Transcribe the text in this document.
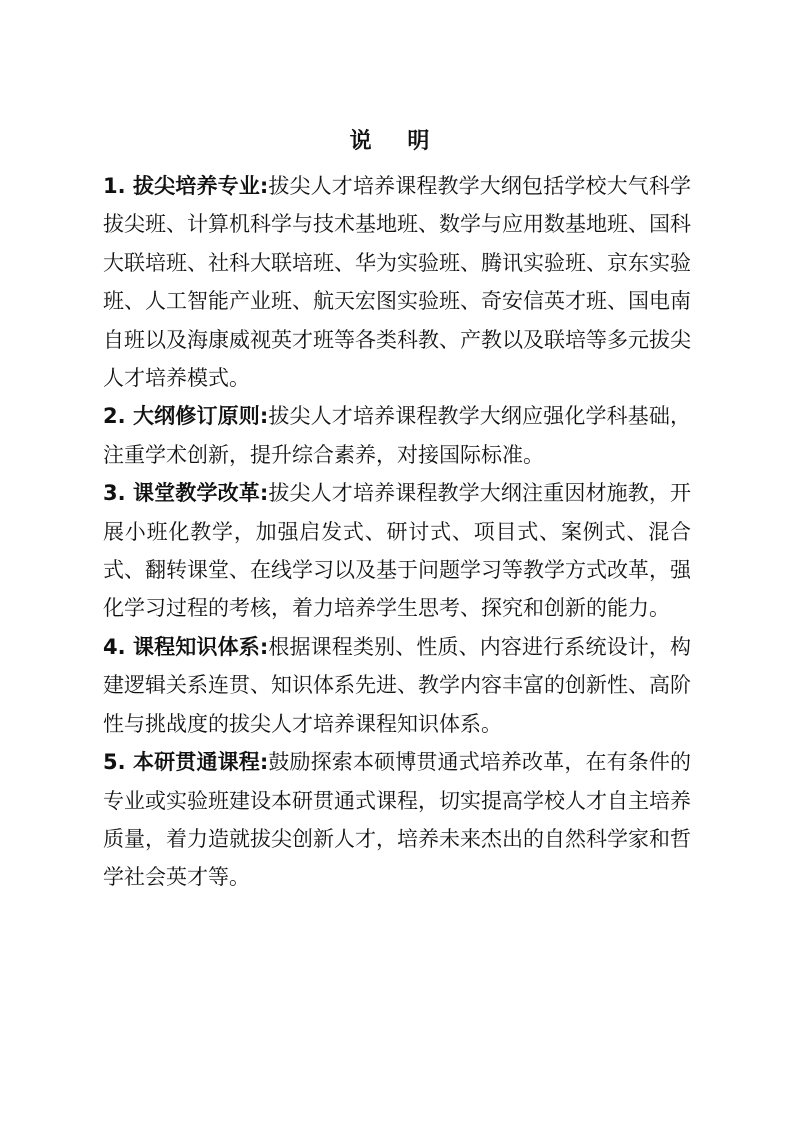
说 明

1. 拔尖培养专业:拔尖人才培养课程教学大纲包括学校大气科学拔尖班、计算机科学与技术基地班、数学与应用数基地班、国科大联培班、社科大联培班、华为实验班、腾讯实验班、京东实验班、人工智能产业班、航天宏图实验班、奇安信英才班、国电南自班以及海康威视英才班等各类科教、产教以及联培等多元拔尖人才培养模式。

2. 大纲修订原则:拔尖人才培养课程教学大纲应强化学科基础，注重学术创新，提升综合素养，对接国际标准。

3. 课堂教学改革:拔尖人才培养课程教学大纲注重因材施教，开展小班化教学，加强启发式、研讨式、项目式、案例式、混合式、翻转课堂、在线学习以及基于问题学习等教学方式改革，强化学习过程的考核，着力培养学生思考、探究和创新的能力。

4. 课程知识体系:根据课程类别、性质、内容进行系统设计，构建逻辑关系连贯、知识体系先进、教学内容丰富的创新性、高阶性与挑战度的拔尖人才培养课程知识体系。

5. 本研贯通课程:鼓励探索本硕博贯通式培养改革，在有条件的专业或实验班建设本研贯通式课程，切实提高学校人才自主培养质量，着力造就拔尖创新人才，培养未来杰出的自然科学家和哲学社会英才等。
